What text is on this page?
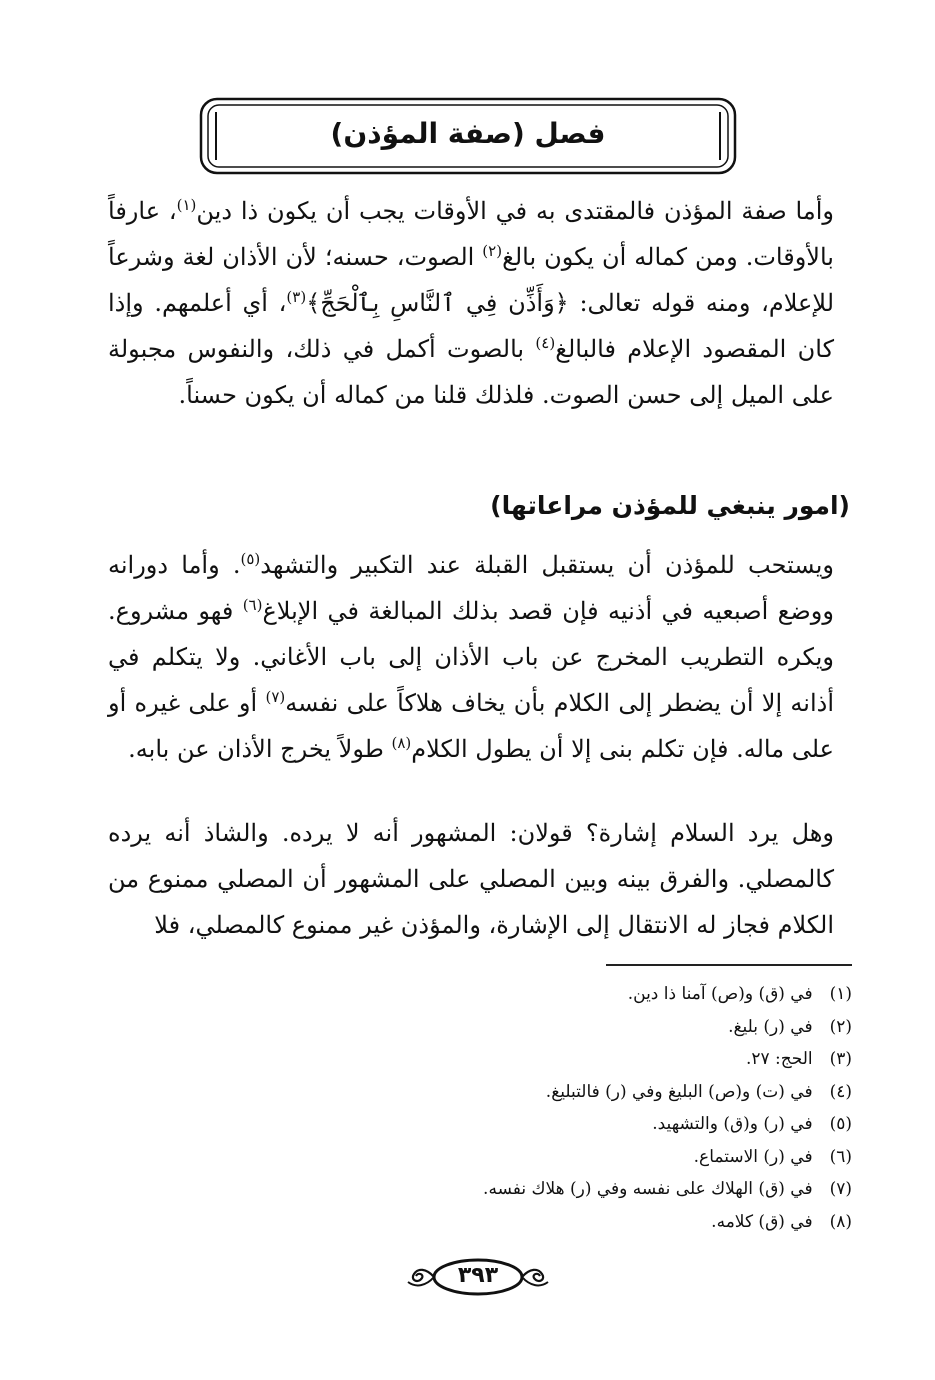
فصل (صفة المؤذن)

وأما صفة المؤذن فالمقتدى به في الأوقات يجب أن يكون ذا دين$^{(١)}$، عارفاً بالأوقات. ومن كماله أن يكون بالغ$^{(٢)}$ الصوت، حسنه؛ لأن الأذان لغة وشرعاً للإعلام، ومنه قوله تعالى: ﴿وَأَذِّن فِي ٱلنَّاسِ بِٱلْحَجِّ﴾$^{(٣)}$، أي أعلمهم. وإذا كان المقصود الإعلام فالبالغ$^{(٤)}$ بالصوت أكمل في ذلك، والنفوس مجبولة على الميل إلى حسن الصوت. فلذلك قلنا من كماله أن يكون حسناً.

(امور ينبغي للمؤذن مراعاتها)

ويستحب للمؤذن أن يستقبل القبلة عند التكبير والتشهد$^{(٥)}$. وأما دورانه ووضع أصبعيه في أذنيه فإن قصد بذلك المبالغة في الإبلاغ$^{(٦)}$ فهو مشروع. ويكره التطريب المخرج عن باب الأذان إلى باب الأغاني. ولا يتكلم في أذانه إلا أن يضطر إلى الكلام بأن يخاف هلاكاً على نفسه$^{(٧)}$ أو على غيره أو على ماله. فإن تكلم بنى إلا أن يطول الكلام$^{(٨)}$ طولاً يخرج الأذان عن بابه.

وهل يرد السلام إشارة؟ قولان: المشهور أنه لا يرده. والشاذ أنه يرده كالمصلي. والفرق بينه وبين المصلي على المشهور أن المصلي ممنوع من الكلام فجاز له الانتقال إلى الإشارة، والمؤذن غير ممنوع كالمصلي، فلا

(١) في (ق) و(ص) آمنا ذا دين.
(٢) في (ر) بليغ.
(٣) الحج: ٢٧.
(٤) في (ت) و(ص) البليغ وفي (ر) فالتبليغ.
(٥) في (ر) و(ق) والتشهيد.
(٦) في (ر) الاستماع.
(٧) في (ق) الهلاك على نفسه وفي (ر) هلاك نفسه.
(٨) في (ق) كلامه.
٣٩٣
